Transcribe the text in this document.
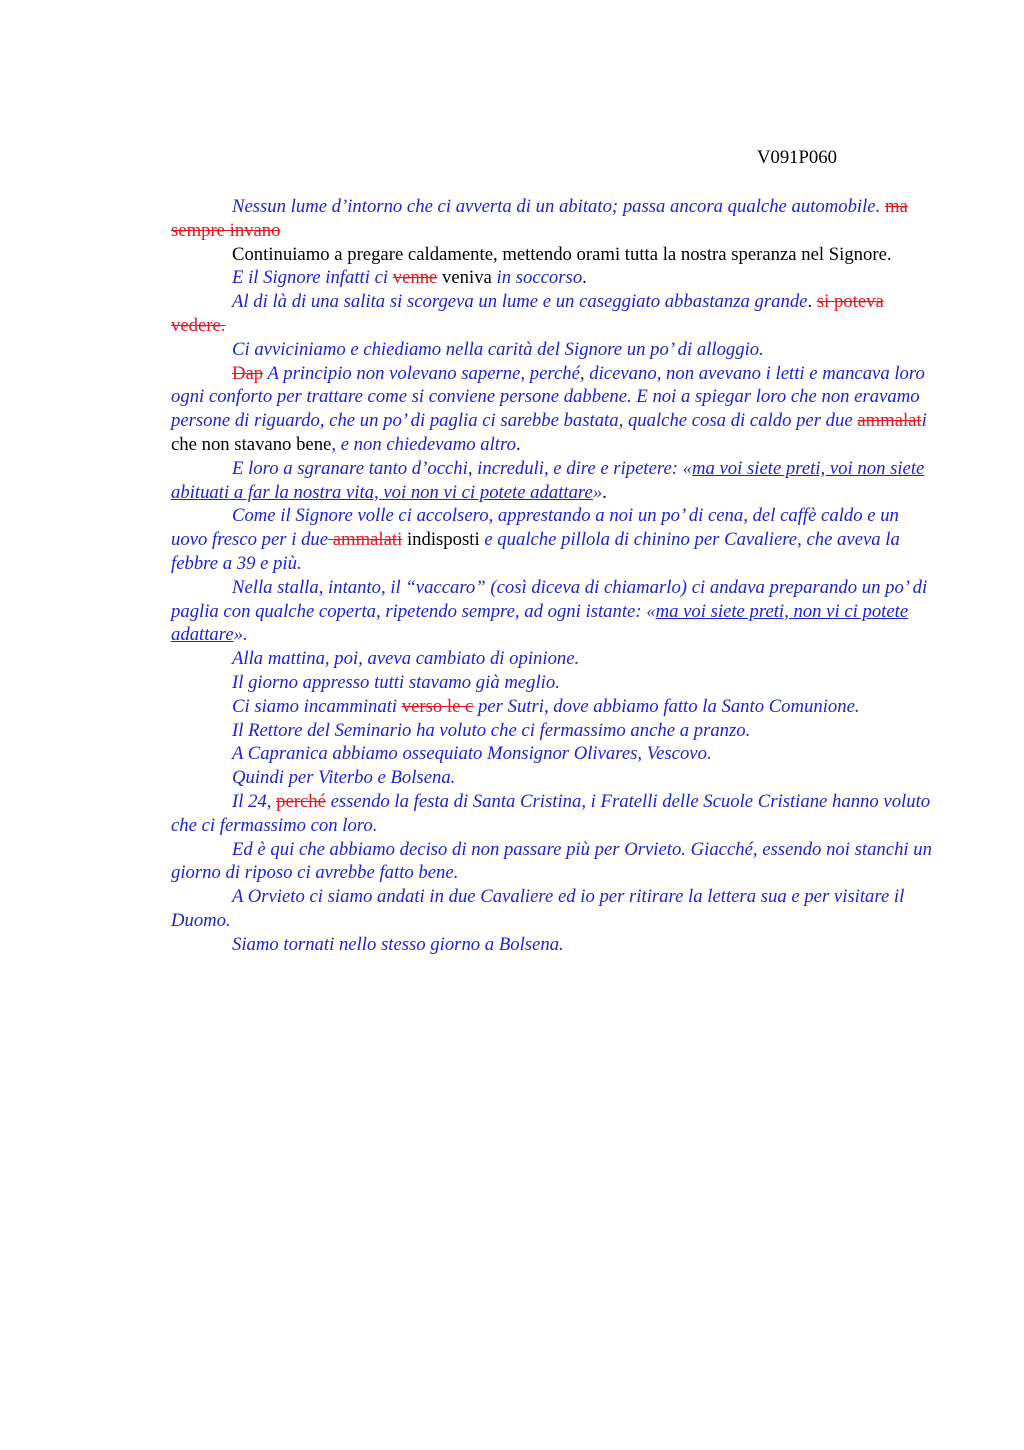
V091P060

Nessun lume d’intorno che ci avverta di un abitato; passa ancora qualche automobile. ma sempre invano

Continuiamo a pregare caldamente, mettendo orami tutta la nostra speranza nel Signore.

E il Signore infatti ci venne veniva in soccorso.

Al di là di una salita si scorgeva un lume e un caseggiato abbastanza grande. si poteva vedere.

Ci avviciniamo e chiediamo nella carità del Signore un po’ di alloggio.

Dap A principio non volevano saperne, perché, dicevano, non avevano i letti e mancava loro ogni conforto per trattare come si conviene persone dabbene. E noi a spiegar loro che non eravamo persone di riguardo, che un po’ di paglia ci sarebbe bastata, qualche cosa di caldo per due ammalati che non stavano bene, e non chiedevamo altro.

E loro a sgranare tanto d’occhi, increduli, e dire e ripetere: «ma voi siete preti, voi non siete abituati a far la nostra vita, voi non vi ci potete adattare».

Come il Signore volle ci accolsero, apprestando a noi un po’ di cena, del caffè caldo e un uovo fresco per i due ammalati indisposti e qualche pillola di chinino per Cavaliere, che aveva la febbre a 39 e più.

Nella stalla, intanto, il “vaccaro” (così diceva di chiamarlo) ci andava preparando un po’ di paglia con qualche coperta, ripetendo sempre, ad ogni istante: «ma voi siete preti, non vi ci potete adattare».

Alla mattina, poi, aveva cambiato di opinione.

Il giorno appresso tutti stavamo già meglio.

Ci siamo incamminati verso le c per Sutri, dove abbiamo fatto la Santo Comunione.

Il Rettore del Seminario ha voluto che ci fermassimo anche a pranzo.

A Capranica abbiamo ossequiato Monsignor Olivares, Vescovo.

Quindi per Viterbo e Bolsena.

Il 24, perché essendo la festa di Santa Cristina, i Fratelli delle Scuole Cristiane hanno voluto che ci fermassimo con loro.

Ed è qui che abbiamo deciso di non passare più per Orvieto. Giacché, essendo noi stanchi un giorno di riposo ci avrebbe fatto bene.

A Orvieto ci siamo andati in due Cavaliere ed io per ritirare la lettera sua e per visitare il Duomo.

Siamo tornati nello stesso giorno a Bolsena.
